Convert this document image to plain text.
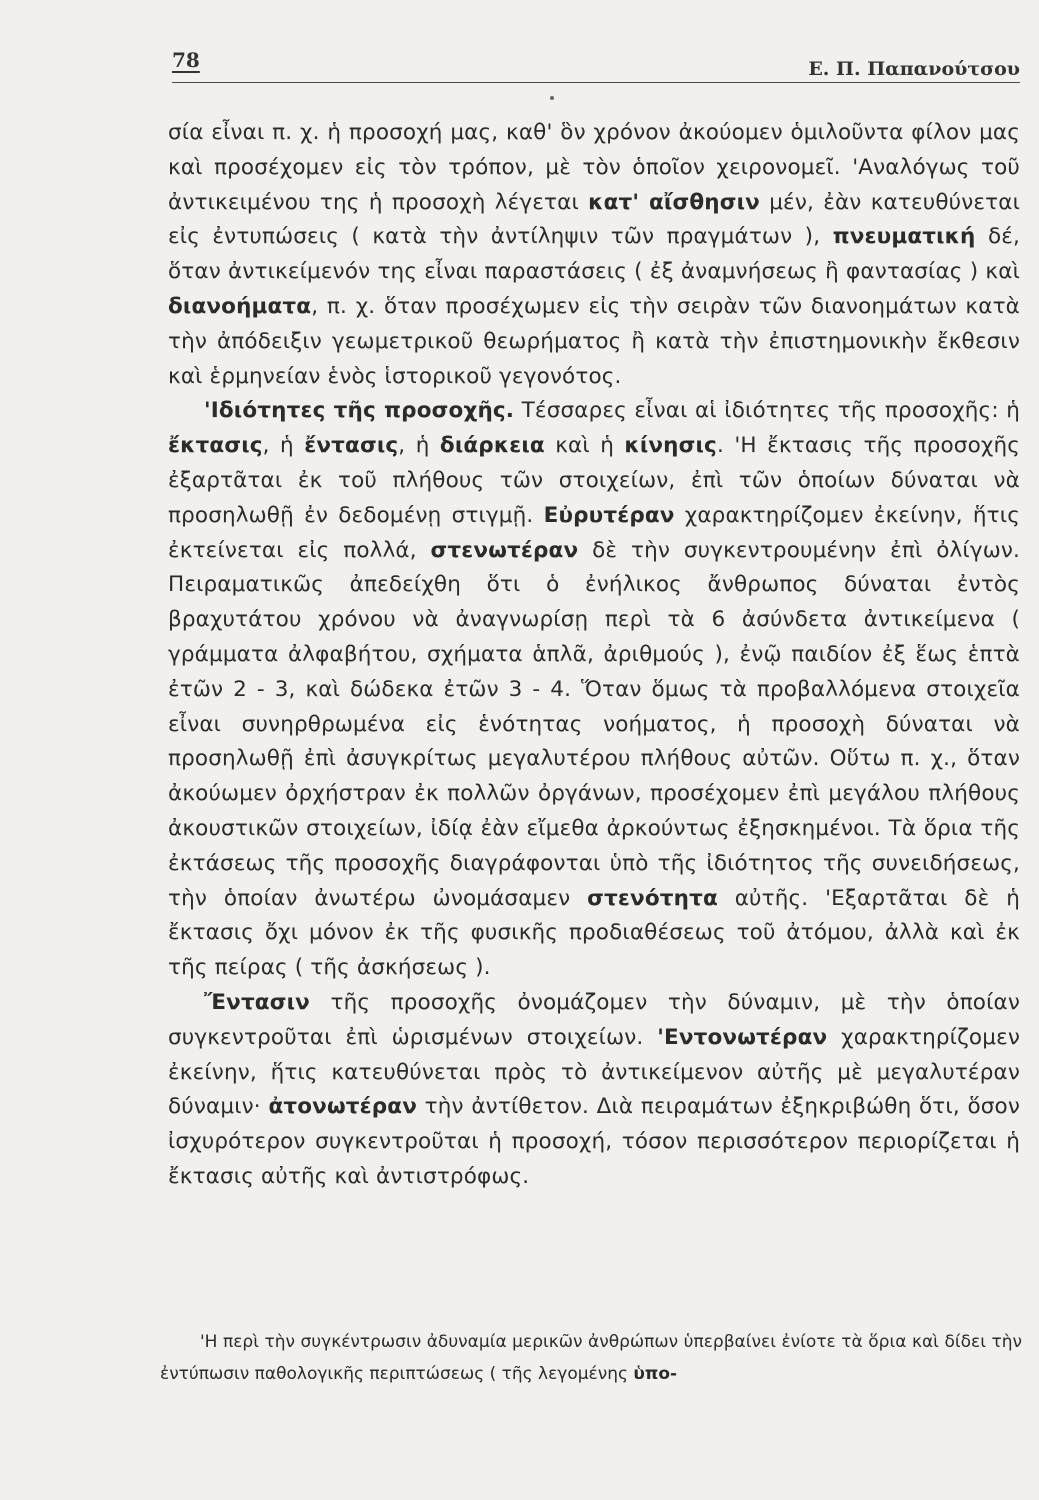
78	Ε. Π. Παπανούτσου

σία εἶναι π. χ. ἡ προσοχή μας, καθ' ὃν χρόνον ἀκούομεν ὁμιλοῦντα φίλον μας καὶ προσέχομεν εἰς τὸν τρόπον, μὲ τὸν ὁποῖον χειρονομεῖ. 'Αναλόγως τοῦ ἀντικειμένου της ἡ προσοχὴ λέγεται κατ' αἴσθησιν μέν, ἐὰν κατευθύνεται εἰς ἐντυπώσεις ( κατὰ τὴν ἀντίληψιν τῶν πραγμάτων ), πνευματική δέ, ὅταν ἀντικείμενόν της εἶναι παραστάσεις ( ἐξ ἀναμνήσεως ἢ φαντασίας ) καὶ διανοήματα, π. χ. ὅταν προσέχωμεν εἰς τὴν σειρὰν τῶν διανοημάτων κατὰ τὴν ἀπόδειξιν γεωμετρικοῦ θεωρήματος ἢ κατὰ τὴν ἐπιστημονικὴν ἔκθεσιν καὶ ἑρμηνείαν ἑνὸς ἱστορικοῦ γεγονότος.

'Ιδιότητες τῆς προσοχῆς. Τέσσαρες εἶναι αἱ ἰδιότητες τῆς προσοχῆς: ἡ ἔκτασις, ἡ ἔντασις, ἡ διάρκεια καὶ ἡ κίνησις. 'Η ἔκτασις τῆς προσοχῆς ἐξαρτᾶται ἐκ τοῦ πλήθους τῶν στοιχείων, ἐπὶ τῶν ὁποίων δύναται νὰ προσηλωθῇ ἐν δεδομένῃ στιγμῇ. Εὐρυτέραν χαρακτηρίζομεν ἐκείνην, ἥτις ἐκτείνεται εἰς πολλά, στενωτέραν δὲ τὴν συγκεντρουμένην ἐπὶ ὀλίγων. Πειραματικῶς ἀπεδείχθη ὅτι ὁ ἐνήλικος ἄνθρωπος δύναται ἐντὸς βραχυτάτου χρόνου νὰ ἀναγνωρίσῃ περὶ τὰ 6 ἀσύνδετα ἀντικείμενα ( γράμματα ἀλφαβήτου, σχήματα ἁπλᾶ, ἀριθμούς ), ἐνῷ παιδίον ἐξ ἕως ἑπτὰ ἐτῶν 2 - 3, καὶ δώδεκα ἐτῶν 3 - 4. Ὅταν ὅμως τὰ προβαλλόμενα στοιχεῖα εἶναι συνηρθρωμένα εἰς ἑνότητας νοήματος, ἡ προσοχὴ δύναται νὰ προσηλωθῇ ἐπὶ ἀσυγκρίτως μεγαλυτέρου πλήθους αὐτῶν. Οὕτω π. χ., ὅταν ἀκούωμεν ὀρχήστραν ἐκ πολλῶν ὀργάνων, προσέχομεν ἐπὶ μεγάλου πλήθους ἀκουστικῶν στοιχείων, ἰδίᾳ ἐὰν εἴμεθα ἀρκούντως ἐξησκημένοι. Τὰ ὅρια τῆς ἐκτάσεως τῆς προσοχῆς διαγράφονται ὑπὸ τῆς ἰδιότητος τῆς συνειδήσεως, τὴν ὁποίαν ἀνωτέρω ὠνομάσαμεν στενότητα αὐτῆς. 'Εξαρτᾶται δὲ ἡ ἔκτασις ὄχι μόνον ἐκ τῆς φυσικῆς προδιαθέσεως τοῦ ἀτόμου, ἀλλὰ καὶ ἐκ τῆς πείρας ( τῆς ἀσκήσεως ).

Ἔντασιν τῆς προσοχῆς ὀνομάζομεν τὴν δύναμιν, μὲ τὴν ὁποίαν συγκεντροῦται ἐπὶ ὡρισμένων στοιχείων. 'Εντονωτέραν χαρακτηρίζομεν ἐκείνην, ἥτις κατευθύνεται πρὸς τὸ ἀντικείμενον αὐτῆς μὲ μεγαλυτέραν δύναμιν· ἀτονωτέραν τὴν ἀντίθετον. Διὰ πειραμάτων ἐξηκριβώθη ὅτι, ὅσον ἰσχυρότερον συγκεντροῦται ἡ προσοχή, τόσον περισσότερον περιορίζεται ἡ ἔκτασις αὐτῆς καὶ ἀντιστρόφως.

'Η περὶ τὴν συγκέντρωσιν ἀδυναμία μερικῶν ἀνθρώπων ὑπερβαίνει ἐνίοτε τὰ ὅρια καὶ δίδει τὴν ἐντύπωσιν παθολογικῆς περιπτώσεως ( τῆς λεγομένης ὑπο-
